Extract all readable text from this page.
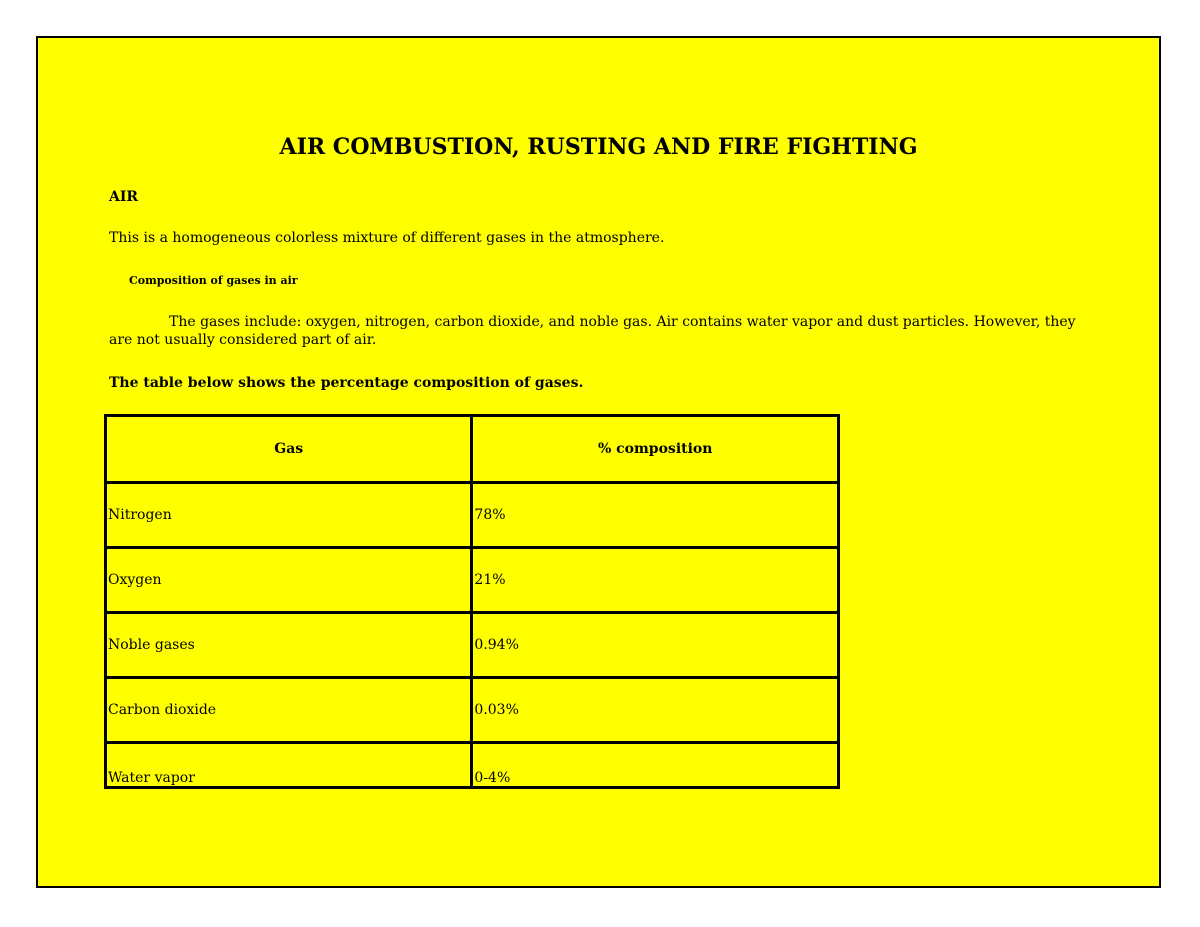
AIR COMBUSTION, RUSTING AND FIRE FIGHTING
AIR
This is a homogeneous colorless mixture of different gases in the atmosphere.
Composition of gases in air
The gases include: oxygen, nitrogen, carbon dioxide, and noble gas. Air contains water vapor and dust particles. However, they are not usually considered part of air.
The table below shows the percentage composition of gases.
Gas	% composition
Nitrogen	78%
Oxygen	21%
Noble gases	0.94%
Carbon dioxide	0.03%
Water vapor	0-4%
